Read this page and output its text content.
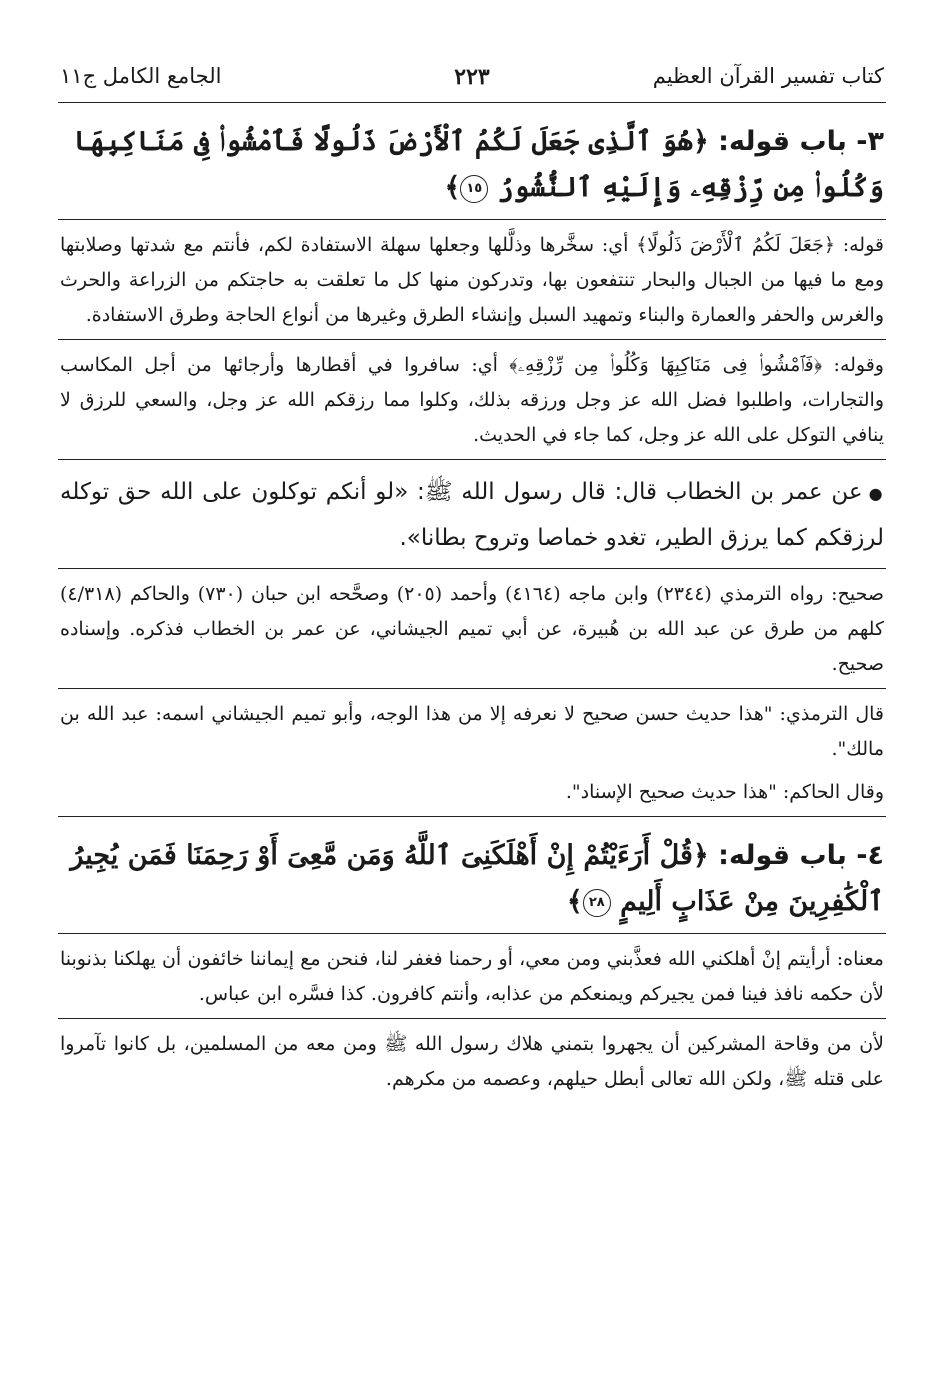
كتاب تفسير القرآن العظيم
٢٢٣
الجامع الكامل ج١١
٣- باب قوله: ﴿هُوَ ٱلَّذِى جَعَلَ لَكُمُ ٱلْأَرْضَ ذَلُولًا فَٱمْشُوا۟ فِى مَنَاكِبِهَا وَكُلُوا۟ مِن رِّزْقِهِۦ وَإِلَيْهِ ٱلنُّشُورُ ١٥﴾

قوله: ﴿جَعَلَ لَكُمُ ٱلْأَرْضَ ذَلُولًا﴾ أي: سخَّرها وذلَّلها وجعلها سهلة الاستفادة لكم، فأنتم مع شدتها وصلابتها ومع ما فيها من الجبال والبحار تنتفعون بها، وتدركون منها كل ما تعلقت به حاجتكم من الزراعة والحرث والغرس والحفر والعمارة والبناء وتمهيد السبل وإنشاء الطرق وغيرها من أنواع الحاجة وطرق الاستفادة.

وقوله: ﴿فَٱمْشُوا۟ فِى مَنَاكِبِهَا وَكُلُوا۟ مِن رِّزْقِهِۦ﴾ أي: سافروا في أقطارها وأرجائها من أجل المكاسب والتجارات، واطلبوا فضل الله عز وجل ورزقه بذلك، وكلوا مما رزقكم الله عز وجل، والسعي للرزق لا ينافي التوكل على الله عز وجل، كما جاء في الحديث.

●عن عمر بن الخطاب قال: قال رسول الله ﷺ: «لو أنكم توكلون على الله حق توكله لرزقكم كما يرزق الطير، تغدو خماصا وتروح بطانا».

صحيح: رواه الترمذي (٢٣٤٤) وابن ماجه (٤١٦٤) وأحمد (٢٠٥) وصحَّحه ابن حبان (٧٣٠) والحاكم (٤/٣١٨) كلهم من طرق عن عبد الله بن هُبيرة، عن أبي تميم الجيشاني، عن عمر بن الخطاب فذكره. وإسناده صحيح.

قال الترمذي: "هذا حديث حسن صحيح لا نعرفه إلا من هذا الوجه، وأبو تميم الجيشاني اسمه: عبد الله بن مالك".

وقال الحاكم: "هذا حديث صحيح الإسناد".

٤- باب قوله: ﴿قُلْ أَرَءَيْتُمْ إِنْ أَهْلَكَنِىَ ٱللَّهُ وَمَن مَّعِىَ أَوْ رَحِمَنَا فَمَن يُجِيرُ ٱلْكَٰفِرِينَ مِنْ عَذَابٍ أَلِيمٍ ٢٨﴾

معناه: أرأيتم إنْ أهلكني الله فعذَّبني ومن معي، أو رحمنا فغفر لنا، فنحن مع إيماننا خائفون أن يهلكنا بذنوبنا لأن حكمه نافذ فينا فمن يجيركم ويمنعكم من عذابه، وأنتم كافرون. كذا فسَّره ابن عباس.

لأن من وقاحة المشركين أن يجهروا بتمني هلاك رسول الله ﷺ ومن معه من المسلمين، بل كانوا تآمروا على قتله ﷺ، ولكن الله تعالى أبطل حيلهم، وعصمه من مكرهم.
